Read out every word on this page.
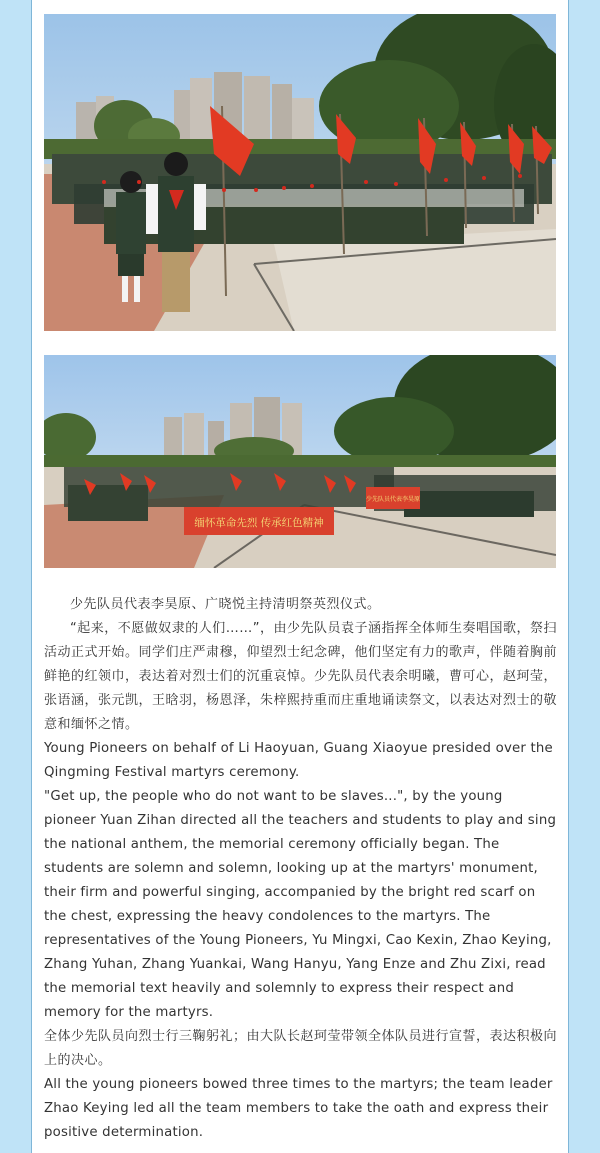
缅怀革命先烈 传承红色精神
少先队员代表李昊原

少先队员代表李昊原、广晓悦主持清明祭英烈仪式。

“起来，不愿做奴隶的人们……”，由少先队员袁子涵指挥全体师生奏唱国歌，祭扫活动正式开始。同学们庄严肃穆，仰望烈士纪念碑，他们坚定有力的歌声，伴随着胸前鲜艳的红领巾，表达着对烈士们的沉重哀悼。少先队员代表余明曦，曹可心，赵珂莹，张语涵，张元凯，王晗羽，杨恩泽，朱梓熙持重而庄重地诵读祭文，以表达对烈士的敬意和缅怀之情。

Young Pioneers on behalf of Li Haoyuan, Guang Xiaoyue presided over the Qingming Festival martyrs ceremony.

"Get up, the people who do not want to be slaves...", by the young pioneer Yuan Zihan directed all the teachers and students to play and sing the national anthem, the memorial ceremony officially began. The students are solemn and solemn, looking up at the martyrs' monument, their firm and powerful singing, accompanied by the bright red scarf on the chest, expressing the heavy condolences to the martyrs. The representatives of the Young Pioneers, Yu Mingxi, Cao Kexin, Zhao Keying, Zhang Yuhan, Zhang Yuankai, Wang Hanyu, Yang Enze and Zhu Zixi, read the memorial text heavily and solemnly to express their respect and memory for the martyrs.

全体少先队员向烈士行三鞠躬礼；由大队长赵珂莹带领全体队员进行宣誓，表达积极向上的决心。

All the young pioneers bowed three times to the martyrs; the team leader Zhao Keying led all the team members to take the oath and express their positive determination.
